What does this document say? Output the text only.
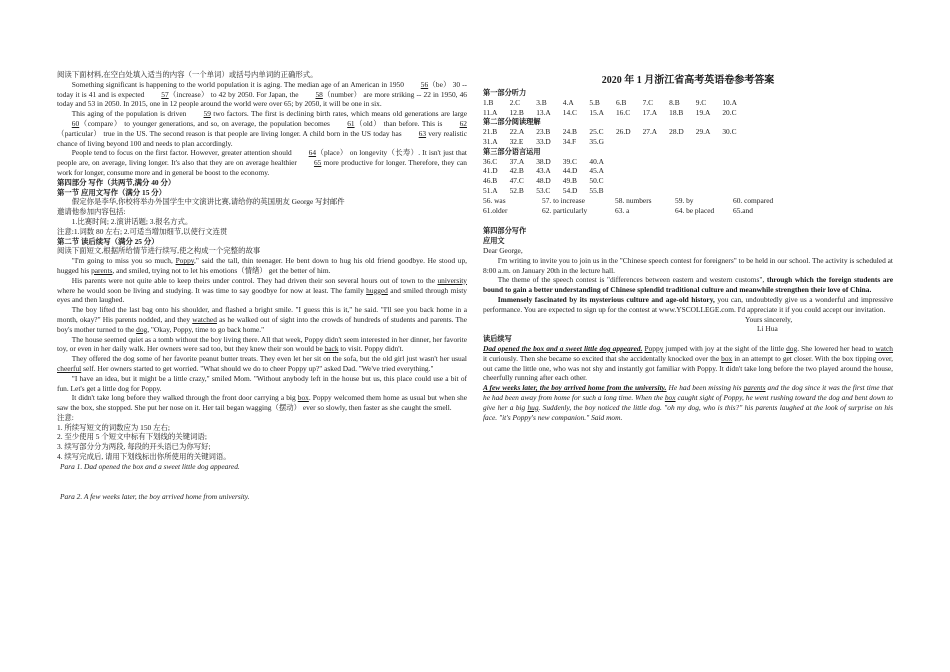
阅读下面材料,在空白处填入适当的内容（一个单词）或括号内单词的正确形式。

Something significant is happening to the world population it is aging. The median age of an American in 1950 56（be） 30 -- today it is 41 and is expected 57（increase） to 42 by 2050. For Japan, the 58（number） are more striking -- 22 in 1950, 46 today and 53 in 2050. In 2015, one in 12 people around the world were over 65; by 2050, it will be one in six.

This aging of the population is driven 59 two factors. The first is declining birth rates, which means old generations are large 60（compare） to younger generations, and so, on average, the population becomes 61（old） than before. This is 62（particular） true in the US. The second reason is that people are living longer. A child born in the US today has 63 very realistic chance of living beyond 100 and needs to plan accordingly.

People tend to focus on the first factor. However, greater attention should 64（place） on longevity（长寿）. It isn't just that people are, on average, living longer. It's also that they are on average healthier 65 more productive for longer. Therefore, they can work for longer, consume more and in general be boost to the economy.

第四部分 写作（共两节,满分 40 分）

第一节 应用文写作（满分 15 分）

假定你是李华,你校将举办外国学生中文演讲比赛,请给你的英国朋友 George 写封邮件

邀请他参加内容包括:

1.比赛时间; 2.演讲话题; 3.报名方式。

注意:1.词数 80 左右; 2.可适当增加细节,以使行文连贯

第二节 读后续写（满分 25 分）

阅读下面短文,根据所给情节进行续写,使之构成一个完整的故事

"I'm going to miss you so much, Poppy," said the tall, thin teenager. He bent down to hug his old friend goodbye. He stood up, hugged his parents, and smiled, trying not to let his emotions（情绪） get the better of him.

His parents were not quite able to keep theirs under control. They had driven their son several hours out of town to the university where he would soon be living and studying. It was time to say goodbye for now at least. The family hugged and smiled through misty eyes and then laughed.

The boy lifted the last bag onto his shoulder, and flashed a bright smile. "I guess this is it," he said. "I'll see you back home in a month, okay?" His parents nodded, and they watched as he walked out of sight into the crowds of hundreds of students and parents. The boy's mother turned to the dog, "Okay, Poppy, time to go back home."

The house seemed quiet as a tomb without the boy living there. All that week, Poppy didn't seem interested in her dinner, her favorite toy, or even in her daily walk. Her owners were sad too, but they knew their son would be back to visit. Poppy didn't.

They offered the dog some of her favorite peanut butter treats. They even let her sit on the sofa, but the old girl just wasn't her usual cheerful self. Her owners started to get worried. "What should we do to cheer Poppy up?" asked Dad. "We've tried everything."

"I have an idea, but it might be a little crazy," smiled Mom. "Without anybody left in the house but us, this place could use a bit of fun. Let's get a little dog for Poppy.

It didn't take long before they walked through the front door carrying a big box. Poppy welcomed them home as usual but when she saw the box, she stopped. She put her nose on it. Her tail began wagging（摆动） ever so slowly, then faster as she caught the smell.

注意:

1. 所续写短文的词数应为 150 左右;

2. 至少使用 5 个短文中标有下划线的关键词语;

3. 续写部分分为两段, 每段的开头语已为你写好;

4. 续写完成后, 请用下划线标出你所使用的关键词语。

Para 1. Dad opened the box and a sweet little dog appeared.

Para 2. A few weeks later, the boy arrived home from university.

2020 年 1 月浙江省高考英语卷参考答案

第一部分听力

1.B	2.C	3.B	4.A	5.B	6.B	7.C	8.B	9.C	10.A
11.A	12.B	13.A	14.C	15.A	16.C	17.A	18.B	19.A	20.C

第二部分阅读理解

21.B	22.A	23.B	24.B	25.C	26.D	27.A	28.D	29.A	30.C
31.A	32.E	33.D	34.F	35.G

第三部分语言运用

36.C	37.A	38.D	39.C	40.A
41.D	42.B	43.A	44.D	45.A
46.B	47.C	48.D	49.B	50.C
51.A	52.B	53.C	54.D	55.B
56. was	57. to increase	58. numbers	59. by	60. compared
61.older	62. particularly	63. a	64. be placed	65.and

第四部分写作

应用文

Dear George,

I'm writing to invite you to join us in the "Chinese speech contest for foreigners" to be held in our school. The activity is scheduled at 8:00 a.m. on January 20th in the lecture hall.

The theme of the speech contest is "differences between eastern and western customs", through which the foreign students are bound to gain a better understanding of Chinese splendid traditional culture and meanwhile strengthen their love of China.

Immensely fascinated by its mysterious culture and age-old history, you can, undoubtedly give us a wonderful and impressive performance. You are expected to sign up for the contest at www.YSCOLLEGE.com. I'd appreciate it if you could accept our invitation.

Yours sincerely,

Li Hua

读后续写

Dad opened the box and a sweet little dog appeared. Poppy jumped with joy at the sight of the little dog. She lowered her head to watch it curiously. Then she became so excited that she accidentally knocked over the box in an attempt to get closer. With the box tipping over, out came the little one, who was not shy and instantly got familiar with Poppy. It didn't take long before the two played around the house, cheerfully running after each other.

A few weeks later, the boy arrived home from the university. He had been missing his parents and the dog since it was the first time that he had been away from home for such a long time. When the box caught sight of Poppy, he went rushing toward the dog and bent down to give her a big hug. Suddenly, the boy noticed the little dog. "oh my dog, who is this?" his parents laughed at the look of surprise on his face. "it's Poppy's new companion." Said mom.
